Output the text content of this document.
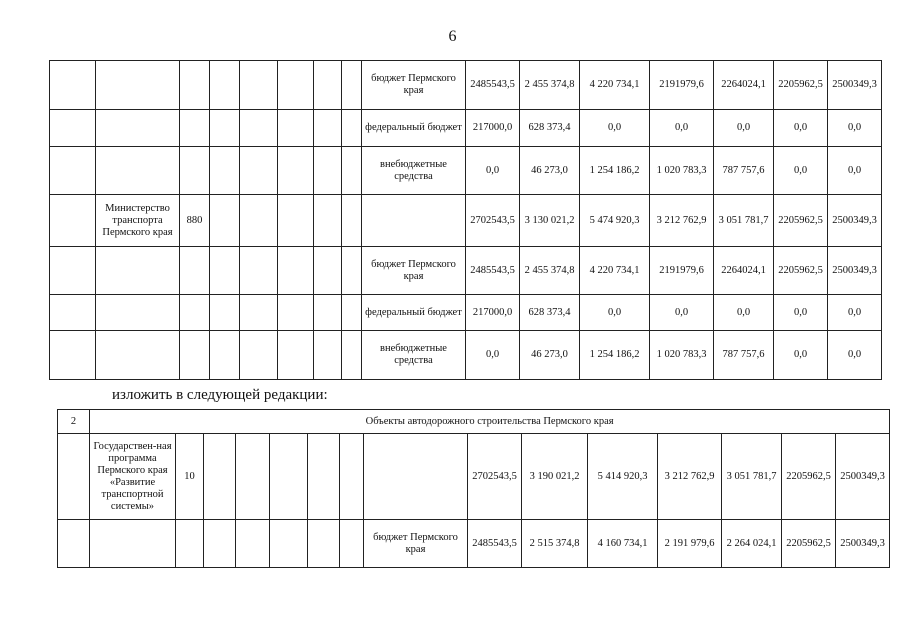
6
								бюджет Пермского края	2485543,5	2 455 374,8	4 220 734,1	2191979,6	2264024,1	2205962,5	2500349,3
								федеральный бюджет	217000,0	628 373,4	0,0	0,0	0,0	0,0	0,0
								внебюджетные средства	0,0	46 273,0	1 254 186,2	1 020 783,3	787 757,6	0,0	0,0
	Министерство транспорта Пермского края	880							2702543,5	3 130 021,2	5 474 920,3	3 212 762,9	3 051 781,7	2205962,5	2500349,3
								бюджет Пермского края	2485543,5	2 455 374,8	4 220 734,1	2191979,6	2264024,1	2205962,5	2500349,3
								федеральный бюджет	217000,0	628 373,4	0,0	0,0	0,0	0,0	0,0
								внебюджетные средства	0,0	46 273,0	1 254 186,2	1 020 783,3	787 757,6	0,0	0,0
изложить в следующей редакции:
2	Объекты автодорожного строительства Пермского края														
	Государствен-ная программа Пермского края «Развитие транспортной системы»	10							2702543,5	3 190 021,2	5 414 920,3	3 212 762,9	3 051 781,7	2205962,5	2500349,3
								бюджет Пермского края	2485543,5	2 515 374,8	4 160 734,1	2 191 979,6	2 264 024,1	2205962,5	2500349,3
